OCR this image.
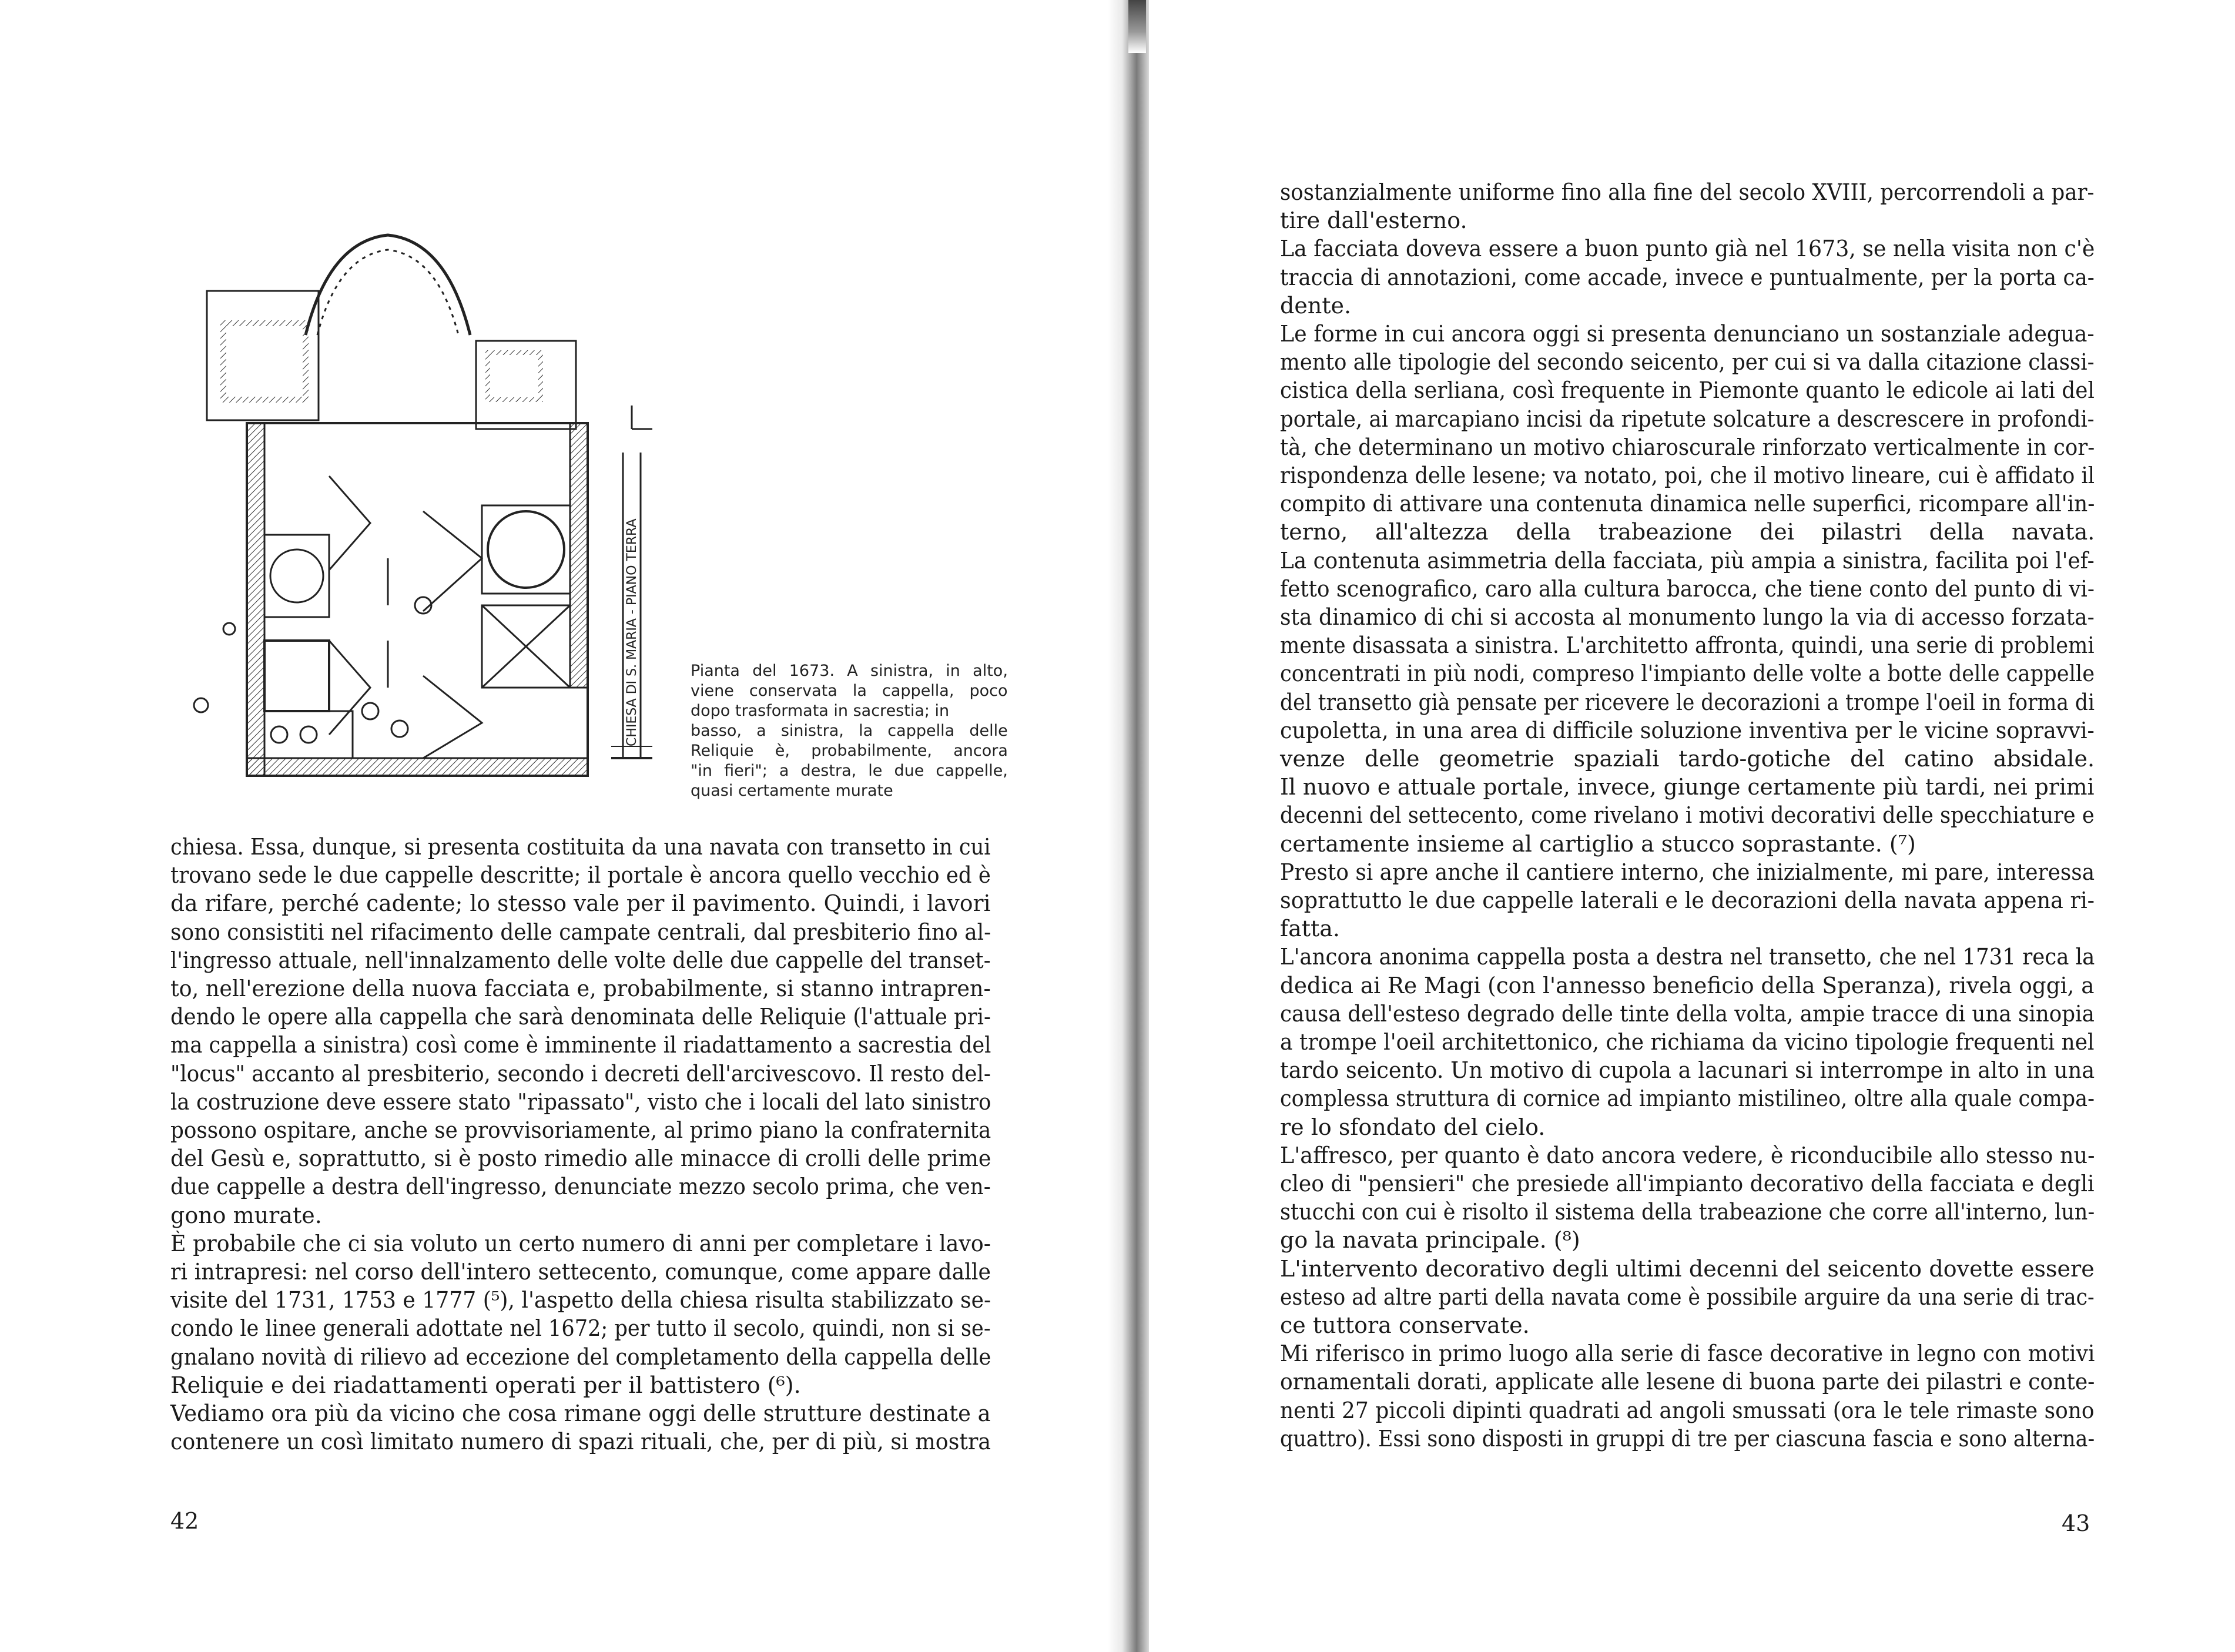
CHIESA DI S. MARIA - PIANO TERRA	Pianta del 1673. A sinistra, in alto,
viene conservata la cappella, poco
dopo trasformata in sacrestia; in
basso, a sinistra, la cappella delle
Reliquie è, probabilmente, ancora
"in fieri"; a destra, le due cappelle,
quasi certamente murate
chiesa. Essa, dunque, si presenta costituita da una navata con transetto in cui
trovano sede le due cappelle descritte; il portale è ancora quello vecchio ed è
da rifare, perché cadente; lo stesso vale per il pavimento. Quindi, i lavori
sono consistiti nel rifacimento delle campate centrali, dal presbiterio fino al-
l'ingresso attuale, nell'innalzamento delle volte delle due cappelle del transet-
to, nell'erezione della nuova facciata e, probabilmente, si stanno intrapren-
dendo le opere alla cappella che sarà denominata delle Reliquie (l'attuale pri-
ma cappella a sinistra) così come è imminente il riadattamento a sacrestia del
"locus" accanto al presbiterio, secondo i decreti dell'arcivescovo. Il resto del-
la costruzione deve essere stato "ripassato", visto che i locali del lato sinistro
possono ospitare, anche se provvisoriamente, al primo piano la confraternita
del Gesù e, soprattutto, si è posto rimedio alle minacce di crolli delle prime
due cappelle a destra dell'ingresso, denunciate mezzo secolo prima, che ven-
gono murate.
È probabile che ci sia voluto un certo numero di anni per completare i lavo-
ri intrapresi: nel corso dell'intero settecento, comunque, come appare dalle
visite del 1731, 1753 e 1777 (⁵), l'aspetto della chiesa risulta stabilizzato se-
condo le linee generali adottate nel 1672; per tutto il secolo, quindi, non si se-
gnalano novità di rilievo ad eccezione del completamento della cappella delle
Reliquie e dei riadattamenti operati per il battistero (⁶).
Vediamo ora più da vicino che cosa rimane oggi delle strutture destinate a
contenere un così limitato numero di spazi rituali, che, per di più, si mostra
sostanzialmente uniforme fino alla fine del secolo XVIII, percorrendoli a par-
tire dall'esterno.
La facciata doveva essere a buon punto già nel 1673, se nella visita non c'è
traccia di annotazioni, come accade, invece e puntualmente, per la porta ca-
dente.
Le forme in cui ancora oggi si presenta denunciano un sostanziale adegua-
mento alle tipologie del secondo seicento, per cui si va dalla citazione classi-
cistica della serliana, così frequente in Piemonte quanto le edicole ai lati del
portale, ai marcapiano incisi da ripetute solcature a descrescere in profondi-
tà, che determinano un motivo chiaroscurale rinforzato verticalmente in cor-
rispondenza delle lesene; va notato, poi, che il motivo lineare, cui è affidato il
compito di attivare una contenuta dinamica nelle superfici, ricompare all'in-
terno, all'altezza della trabeazione dei pilastri della navata.
La contenuta asimmetria della facciata, più ampia a sinistra, facilita poi l'ef-
fetto scenografico, caro alla cultura barocca, che tiene conto del punto di vi-
sta dinamico di chi si accosta al monumento lungo la via di accesso forzata-
mente disassata a sinistra. L'architetto affronta, quindi, una serie di problemi
concentrati in più nodi, compreso l'impianto delle volte a botte delle cappelle
del transetto già pensate per ricevere le decorazioni a trompe l'oeil in forma di
cupoletta, in una area di difficile soluzione inventiva per le vicine sopravvi-
venze delle geometrie spaziali tardo-gotiche del catino absidale.
Il nuovo e attuale portale, invece, giunge certamente più tardi, nei primi
decenni del settecento, come rivelano i motivi decorativi delle specchiature e
certamente insieme al cartiglio a stucco soprastante. (⁷)
Presto si apre anche il cantiere interno, che inizialmente, mi pare, interessa
soprattutto le due cappelle laterali e le decorazioni della navata appena ri-
fatta.
L'ancora anonima cappella posta a destra nel transetto, che nel 1731 reca la
dedica ai Re Magi (con l'annesso beneficio della Speranza), rivela oggi, a
causa dell'esteso degrado delle tinte della volta, ampie tracce di una sinopia
a trompe l'oeil architettonico, che richiama da vicino tipologie frequenti nel
tardo seicento. Un motivo di cupola a lacunari si interrompe in alto in una
complessa struttura di cornice ad impianto mistilineo, oltre alla quale compa-
re lo sfondato del cielo.
L'affresco, per quanto è dato ancora vedere, è riconducibile allo stesso nu-
cleo di "pensieri" che presiede all'impianto decorativo della facciata e degli
stucchi con cui è risolto il sistema della trabeazione che corre all'interno, lun-
go la navata principale. (⁸)
L'intervento decorativo degli ultimi decenni del seicento dovette essere
esteso ad altre parti della navata come è possibile arguire da una serie di trac-
ce tuttora conservate.
Mi riferisco in primo luogo alla serie di fasce decorative in legno con motivi
ornamentali dorati, applicate alle lesene di buona parte dei pilastri e conte-
nenti 27 piccoli dipinti quadrati ad angoli smussati (ora le tele rimaste sono
quattro). Essi sono disposti in gruppi di tre per ciascuna fascia e sono alterna-
42	43
